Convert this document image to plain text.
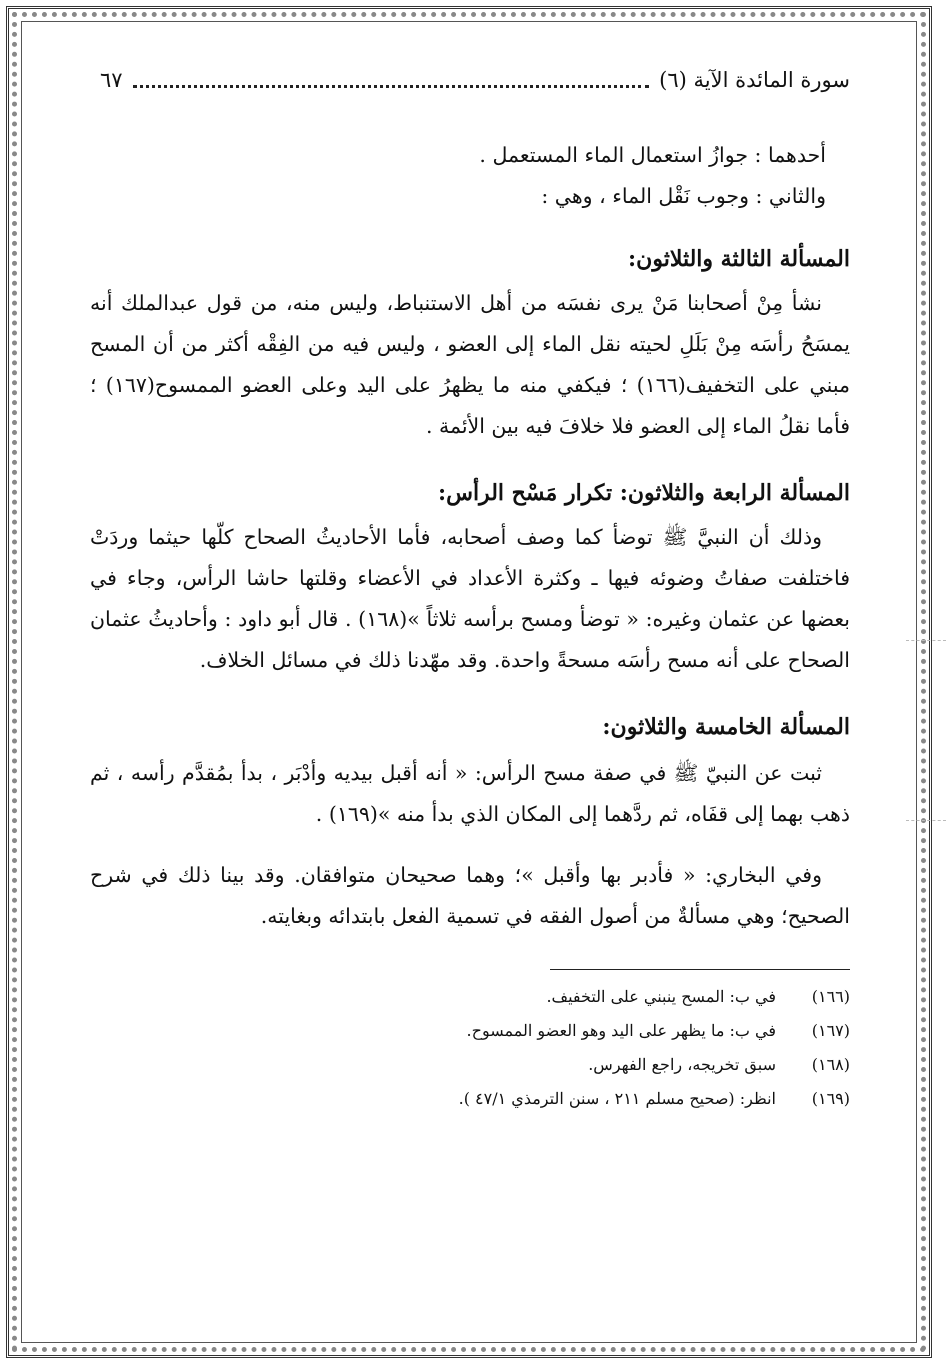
سورة المائدة الآية (٦)
٦٧

أحدهما : جوازُ استعمال الماء المستعمل .

والثاني : وجوب نَقْل الماء ، وهي :

المسألة الثالثة والثلاثون:

نشأ مِنْ أصحابنا مَنْ يرى نفسَه من أهل الاستنباط، وليس منه، من قول عبدالملك أنه يمسَحُ رأسَه مِنْ بَلَلِ لحيته نقل الماء إلى العضو ، وليس فيه من الفِقْه أكثر من أن المسح مبني على التخفيف(١٦٦) ؛ فيكفي منه ما يظهرُ على اليد وعلى العضو الممسوح(١٦٧) ؛ فأما نقلُ الماء إلى العضو فلا خلافَ فيه بين الأئمة .

المسألة الرابعة والثلاثون: تكرار مَسْح الرأس:

وذلك أن النبيَّ ﷺ توضأ كما وصف أصحابه، فأما الأحاديثُ الصحاح كلّها حيثما وردَتْ فاختلفت صفاتُ وضوئه فيها ـ وكثرة الأعداد في الأعضاء وقلتها حاشا الرأس، وجاء في بعضها عن عثمان وغيره: « توضأ ومسح برأسه ثلاثاً »(١٦٨) . قال أبو داود : وأحاديثُ عثمان الصحاح على أنه مسح رأسَه مسحةً واحدة. وقد مهّدنا ذلك في مسائل الخلاف.

المسألة الخامسة والثلاثون:

ثبت عن النبيّ ﷺ في صفة مسح الرأس: « أنه أقبل بيديه وأدْبَر ، بدأ بمُقدَّم رأسه ، ثم ذهب بهما إلى قفَاه، ثم ردَّهما إلى المكان الذي بدأ منه »(١٦٩) .

وفي البخاري: « فأدبر بها وأقبل »؛ وهما صحيحان متوافقان. وقد بينا ذلك في شرح الصحيح؛ وهي مسألةٌ من أصول الفقه في تسمية الفعل بابتدائه وبغايته.

(١٦٦)
في ب: المسح ينبني على التخفيف.
(١٦٧)
في ب: ما يظهر على اليد وهو العضو الممسوح.
(١٦٨)
سبق تخريجه، راجع الفهرس.
(١٦٩)
انظر: (صحيح مسلم ٢١١ ، سنن الترمذي ٤٧/١ ).
